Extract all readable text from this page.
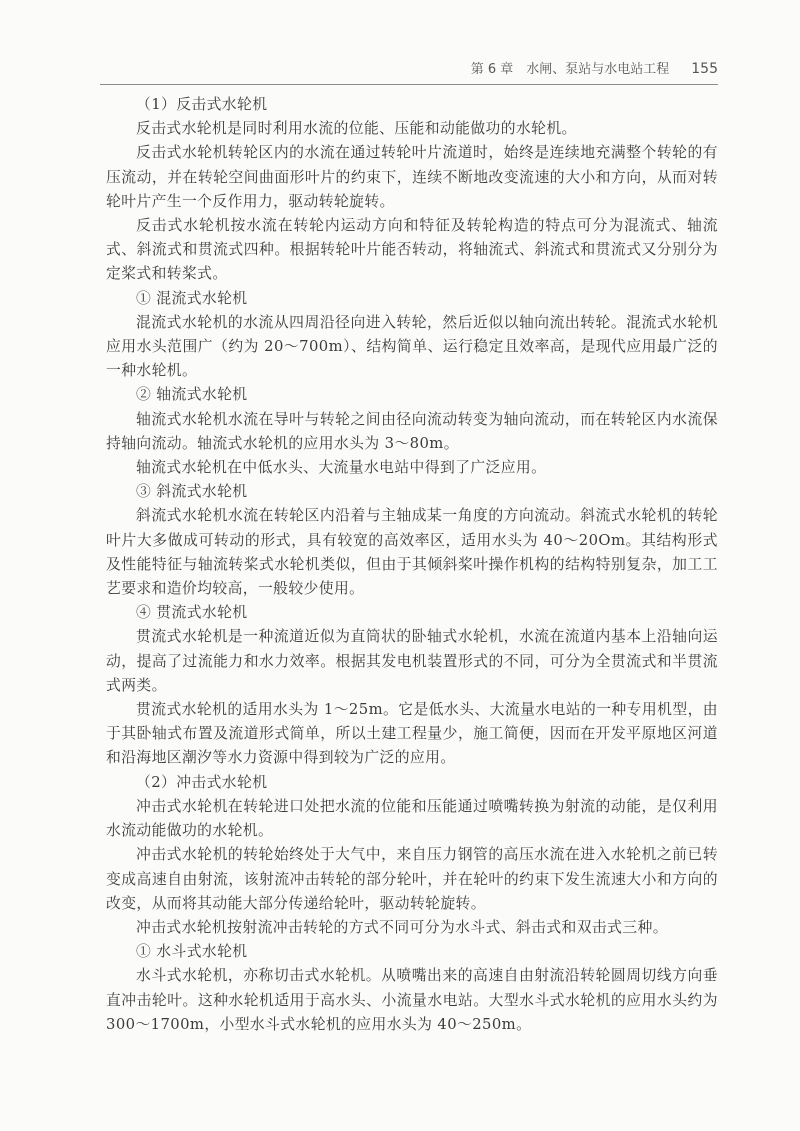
第 6 章　水闸、泵站与水电站工程 155

（1）反击式水轮机

反击式水轮机是同时利用水流的位能、压能和动能做功的水轮机。

反击式水轮机转轮区内的水流在通过转轮叶片流道时，始终是连续地充满整个转轮的有压流动，并在转轮空间曲面形叶片的约束下，连续不断地改变流速的大小和方向，从而对转轮叶片产生一个反作用力，驱动转轮旋转。

反击式水轮机按水流在转轮内运动方向和特征及转轮构造的特点可分为混流式、轴流式、斜流式和贯流式四种。根据转轮叶片能否转动，将轴流式、斜流式和贯流式又分别分为定桨式和转桨式。

① 混流式水轮机

混流式水轮机的水流从四周沿径向进入转轮，然后近似以轴向流出转轮。混流式水轮机应用水头范围广（约为 20～700m）、结构简单、运行稳定且效率高，是现代应用最广泛的一种水轮机。

② 轴流式水轮机

轴流式水轮机水流在导叶与转轮之间由径向流动转变为轴向流动，而在转轮区内水流保持轴向流动。轴流式水轮机的应用水头为 3～80m。

轴流式水轮机在中低水头、大流量水电站中得到了广泛应用。

③ 斜流式水轮机

斜流式水轮机水流在转轮区内沿着与主轴成某一角度的方向流动。斜流式水轮机的转轮叶片大多做成可转动的形式，具有较宽的高效率区，适用水头为 40～20Om。其结构形式及性能特征与轴流转桨式水轮机类似，但由于其倾斜桨叶操作机构的结构特别复杂，加工工艺要求和造价均较高，一般较少使用。

④ 贯流式水轮机

贯流式水轮机是一种流道近似为直筒状的卧轴式水轮机，水流在流道内基本上沿轴向运动，提高了过流能力和水力效率。根据其发电机装置形式的不同，可分为全贯流式和半贯流式两类。

贯流式水轮机的适用水头为 1～25m。它是低水头、大流量水电站的一种专用机型，由于其卧轴式布置及流道形式简单，所以土建工程量少，施工简便，因而在开发平原地区河道和沿海地区潮汐等水力资源中得到较为广泛的应用。

（2）冲击式水轮机

冲击式水轮机在转轮进口处把水流的位能和压能通过喷嘴转换为射流的动能，是仅利用水流动能做功的水轮机。

冲击式水轮机的转轮始终处于大气中，来自压力钢管的高压水流在进入水轮机之前已转变成高速自由射流，该射流冲击转轮的部分轮叶，并在轮叶的约束下发生流速大小和方向的改变，从而将其动能大部分传递给轮叶，驱动转轮旋转。

冲击式水轮机按射流冲击转轮的方式不同可分为水斗式、斜击式和双击式三种。

① 水斗式水轮机

水斗式水轮机，亦称切击式水轮机。从喷嘴出来的高速自由射流沿转轮圆周切线方向垂直冲击轮叶。这种水轮机适用于高水头、小流量水电站。大型水斗式水轮机的应用水头约为 300～1700m，小型水斗式水轮机的应用水头为 40～250m。
